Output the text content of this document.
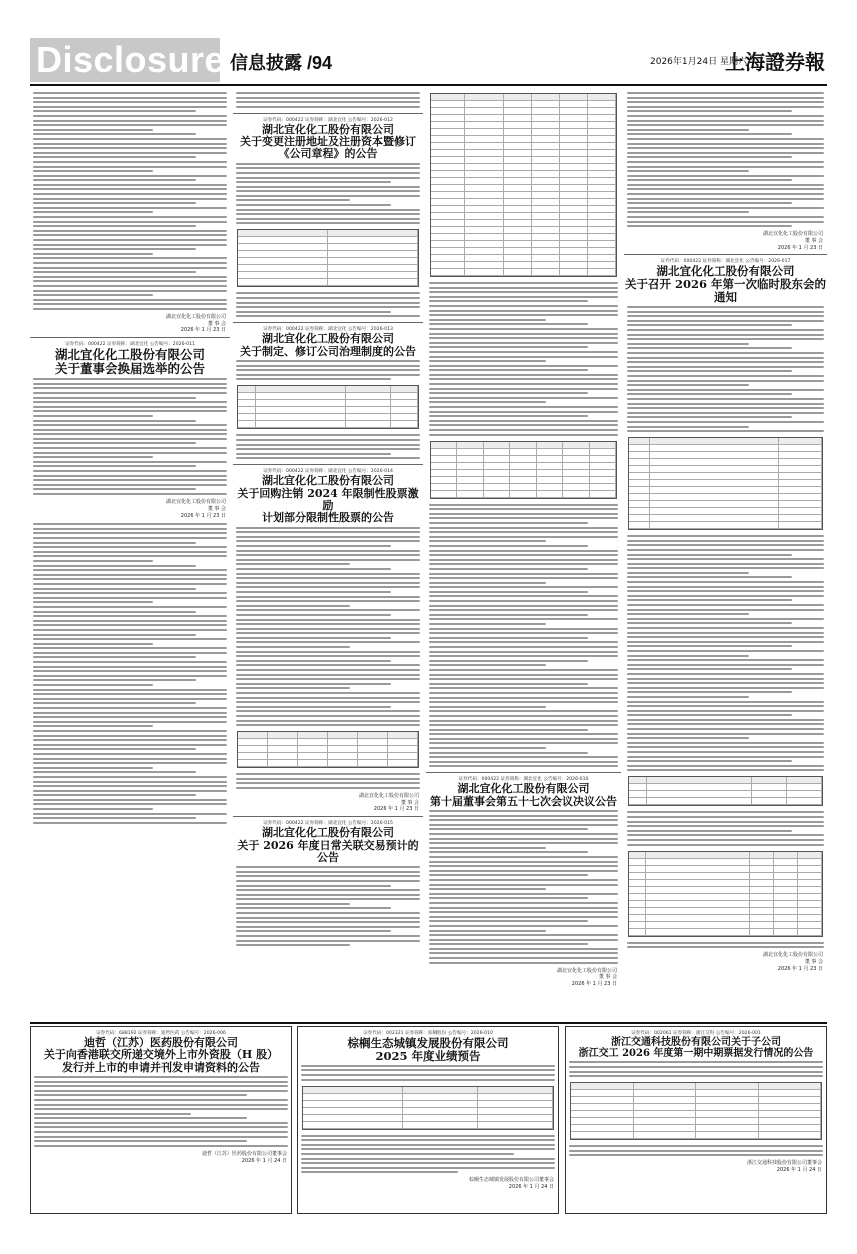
Disclosure 信息披露 /94	2026年1月24日 星期六
上海證券報
湖北宜化化工股份有限公司
董 事 会
2026 年 1 月 23 日
证券代码：000422 证券简称：湖北宜化 公告编号：2026-011
湖北宜化化工股份有限公司
关于董事会换届选举的公告
湖北宜化化工股份有限公司
董 事 会
2026 年 1 月 23 日
证券代码：000422 证券简称：湖北宜化 公告编号：2026-012
湖北宜化化工股份有限公司
关于变更注册地址及注册资本暨修订
《公司章程》的公告
证券代码：000422 证券简称：湖北宜化 公告编号：2026-013
湖北宜化化工股份有限公司
关于制定、修订公司治理制度的公告
证券代码：000422 证券简称：湖北宜化 公告编号：2026-014
湖北宜化化工股份有限公司
关于回购注销 2024 年限制性股票激励
计划部分限制性股票的公告
湖北宜化化工股份有限公司
董 事 会
2026 年 1 月 23 日
证券代码：000422 证券简称：湖北宜化 公告编号：2026-015
湖北宜化化工股份有限公司
关于 2026 年度日常关联交易预计的公告
证券代码：000422 证券简称：湖北宜化 公告编号：2026-010
湖北宜化化工股份有限公司
第十届董事会第五十七次会议决议公告
湖北宜化化工股份有限公司
董 事 会
2026 年 1 月 23 日
湖北宜化化工股份有限公司
董 事 会
2026 年 1 月 23 日
证券代码：000422 证券简称：湖北宜化 公告编号：2026-017
湖北宜化化工股份有限公司
关于召开 2026 年第一次临时股东会的通知
湖北宜化化工股份有限公司
董 事 会
2026 年 1 月 23 日
证券代码：688192 证券简称：迪哲医药 公告编号：2026-006
迪哲（江苏）医药股份有限公司
关于向香港联交所递交境外上市外资股（H 股）
发行并上市的申请并刊发申请资料的公告
迪哲（江苏）医药股份有限公司董事会
2026 年 1 月 24 日
证券代码：002321 证券简称：棕榈股份 公告编号：2026-010
棕榈生态城镇发展股份有限公司
2025 年度业绩预告
棕榈生态城镇发展股份有限公司董事会
2026 年 1 月 24 日
证券代码：002061 证券简称：浙江交科 公告编号：2026-001
浙江交通科技股份有限公司关于子公司
浙江交工 2026 年度第一期中期票据发行情况的公告
浙江交通科技股份有限公司董事会
2026 年 1 月 24 日
